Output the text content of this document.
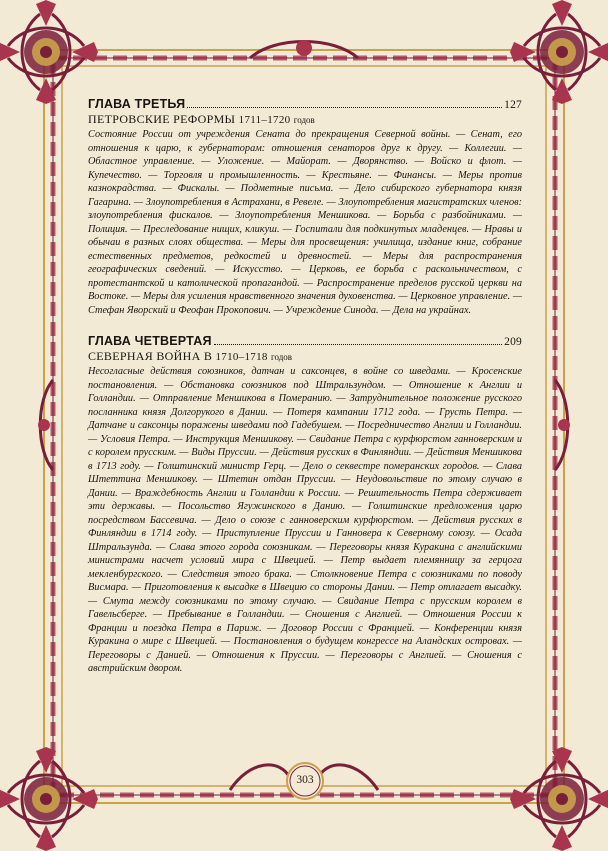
ГЛАВА ТРЕТЬЯ	127
ПЕТРОВСКИЕ РЕФОРМЫ 1711–1720 годов

Состояние России от учреждения Сената до прекращения Северной войны. — Сенат, его отношения к царю, к губернаторам: отношения сенаторов друг к другу. — Коллегии. — Областное управление. — Уложение. — Майорат. — Дворянство. — Войско и флот. — Купечество. — Торговля и промышленность. — Крестьяне. — Финансы. — Меры против казнокрадства. — Фискалы. — Подметные письма. — Дело сибирского губернатора князя Гагарина. — Злоупотребления в Астрахани, в Ревеле. — Злоупотребления магистратских членов: злоупотребления фискалов. — Злоупотребления Меншикова. — Борьба с разбойниками. — Полиция. — Преследование нищих, кликуш. — Госпитали для подкинутых младенцев. — Нравы и обычаи в разных слоях общества. — Меры для просвещения: училища, издание книг, собрание естественных предметов, редкостей и древностей. — Меры для распространения географических сведений. — Искусство. — Церковь, ее борьба с раскольничеством, с протестантской и католической пропагандой. — Распространение пределов русской церкви на Востоке. — Меры для усиления нравственного значения духовенства. — Церковное управление. — Стефан Яворский и Феофан Прокопович. — Учреждение Синода. — Дела на украйнах.

ГЛАВА ЧЕТВЕРТАЯ	209
СЕВЕРНАЯ ВОЙНА В 1710–1718 годов

Несогласные действия союзников, датчан и саксонцев, в войне со шведами. — Кросенские постановления. — Обстановка союзников под Штральзундом. — Отношение к Англии и Голландии. — Отправление Меншикова в Померанию. — Затруднительное положение русского посланника князя Долгорукого в Дании. — Потеря кампании 1712 года. — Грусть Петра. — Датчане и саксонцы поражены шведами под Гадебушем. — Посредничество Англии и Голландии. — Условия Петра. — Инструкция Меншикову. — Свидание Петра с курфюрстом ганноверским и с королем прусским. — Виды Пруссии. — Действия русских в Финляндии. — Действия Меншикова в 1713 году. — Голштинский министр Герц. — Дело о секвестре померанских городов. — Слава Штеттина Меншикову. — Штетин отдан Пруссии. — Неудовольствие по этому случаю в Дании. — Враждебность Англии и Голландии к России. — Решительность Петра сдерживает эти державы. — Посольство Ягужинского в Данию. — Голштинские предложения царю посредством Бассевича. — Дело о союзе с ганноверским курфюрстом. — Действия русских в Финляндии в 1714 году. — Приступление Пруссии и Ганновера к Северному союзу. — Осада Штральзунда. — Слава этого города союзникам. — Переговоры князя Куракина с английскими министрами насчет условий мира с Швецией. — Петр выдает племянницу за герцога мекленбургского. — Следствия этого брака. — Столкновение Петра с союзниками по поводу Висмара. — Приготовления к высадке в Швецию со стороны Дании. — Петр отлагает высадку. — Смута между союзниками по этому случаю. — Свидание Петра с прусским королем в Гавельсберге. — Пребывание в Голландии. — Сношения с Англией. — Отношения России к Франции и поездка Петра в Париж. — Договор России с Францией. — Конференции князя Куракина о мире с Швецией. — Постановления о будущем конгрессе на Аландских островах. — Переговоры с Данией. — Отношения к Пруссии. — Переговоры с Англией. — Сношения с австрийским двором.

303
